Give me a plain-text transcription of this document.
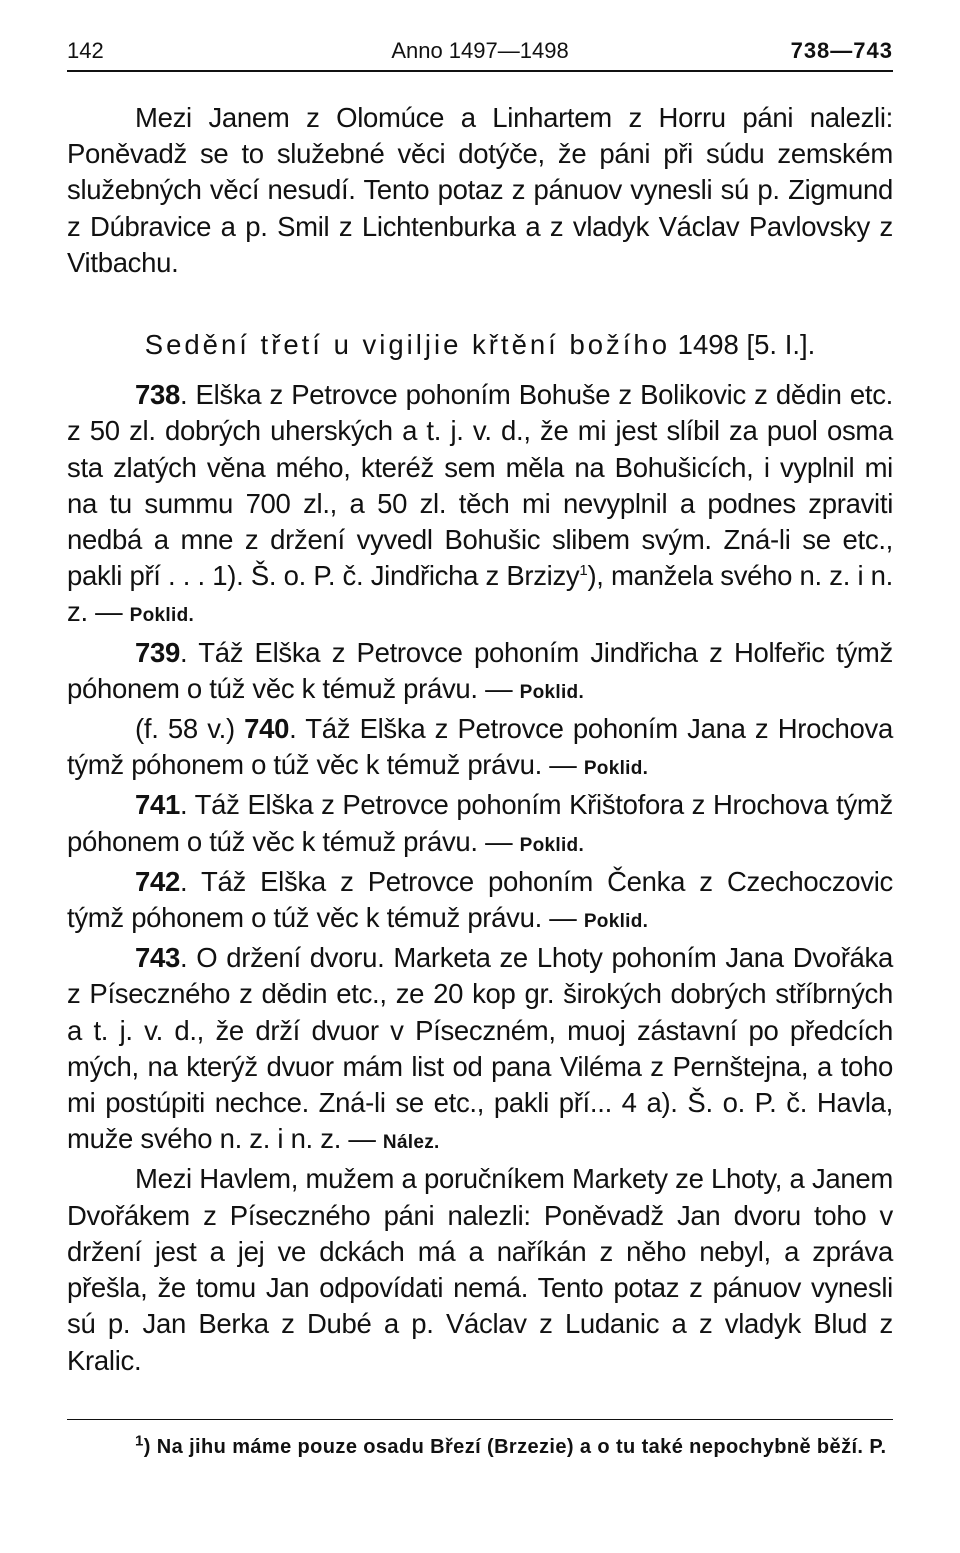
142	Anno 1497—1498	738—743

Mezi Janem z Olomúce a Linhartem z Horru páni nalezli: Poněvadž se to služebné věci dotýče, že páni při súdu zemském služebných věcí nesudí. Tento potaz z pánuov vynesli sú p. Zigmund z Dúbravice a p. Smil z Lichtenburka a z vladyk Václav Pavlovsky z Vitbachu.

Sedění třetí u vigiljie křtění božího 1498 [5. I.].

738. Elška z Petrovce pohoním Bohuše z Bolikovic z dědin etc. z 50 zl. dobrých uherských a t. j. v. d., že mi jest slíbil za puol osma sta zlatých věna mého, kteréž sem měla na Bohušicích, i vyplnil mi na tu summu 700 zl., a 50 zl. těch mi nevyplnil a podnes zpraviti nedbá a mne z držení vyvedl Bohušic slibem svým. Zná-li se etc., pakli pří . . . 1). Š. o. P. č. Jindřicha z Brzizy$^1$), manžela svého n. z. i n. z. — Poklid.

739. Táž Elška z Petrovce pohoním Jindřicha z Holfeřic týmž póhonem o túž věc k témuž právu. — Poklid.

(f. 58 v.) 740. Táž Elška z Petrovce pohoním Jana z Hrochova týmž póhonem o túž věc k témuž právu. — Poklid.

741. Táž Elška z Petrovce pohoním Křištofora z Hrochova týmž póhonem o túž věc k témuž právu. — Poklid.

742. Táž Elška z Petrovce pohoním Čenka z Czechoczovic týmž póhonem o túž věc k témuž právu. — Poklid.

743. O držení dvoru. Marketa ze Lhoty pohoním Jana Dvořáka z Píseczného z dědin etc., ze 20 kop gr. širokých dobrých stříbrných a t. j. v. d., že drží dvuor v Píseczném, muoj zástavní po předcích mých, na kterýž dvuor mám list od pana Viléma z Pernštejna, a toho mi postúpiti nechce. Zná-li se etc., pakli pří... 4 a). Š. o. P. č. Havla, muže svého n. z. i n. z. — Nález.

Mezi Havlem, mužem a poručníkem Markety ze Lhoty, a Janem Dvořákem z Píseczného páni nalezli: Poněvadž Jan dvoru toho v držení jest a jej ve dckách má a naříkán z něho nebyl, a zpráva přešla, že tomu Jan odpovídati nemá. Tento potaz z pánuov vynesli sú p. Jan Berka z Dubé a p. Václav z Ludanic a z vladyk Blud z Kralic.

$^1$) Na jihu máme pouze osadu Březí (Brzezie) a o tu také nepochybně běží. P.
